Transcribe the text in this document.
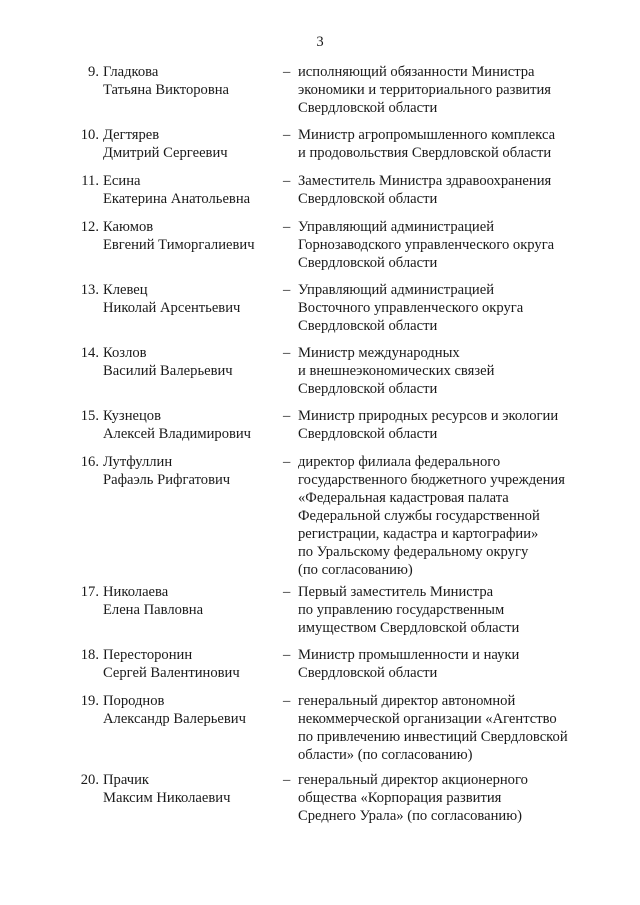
3
9. Гладкова
Татьяна Викторовна
– исполняющий обязанности Министра
экономики и территориального развития
Свердловской области
10. Дегтярев
Дмитрий Сергеевич
– Министр агропромышленного комплекса
и продовольствия Свердловской области
11. Есина
Екатерина Анатольевна
– Заместитель Министра здравоохранения
Свердловской области
12. Каюмов
Евгений Тиморгалиевич
– Управляющий администрацией
Горнозаводского управленческого округа
Свердловской области
13. Клевец
Николай Арсентьевич
– Управляющий администрацией
Восточного управленческого округа
Свердловской области
14. Козлов
Василий Валерьевич
– Министр международных
и внешнеэкономических связей
Свердловской области
15. Кузнецов
Алексей Владимирович
– Министр природных ресурсов и экологии
Свердловской области
16. Лутфуллин
Рафаэль Рифгатович
– директор филиала федерального
государственного бюджетного учреждения
«Федеральная кадастровая палата
Федеральной службы государственной
регистрации, кадастра и картографии»
по Уральскому федеральному округу
(по согласованию)
17. Николаева
Елена Павловна
– Первый заместитель Министра
по управлению государственным
имуществом Свердловской области
18. Пересторонин
Сергей Валентинович
– Министр промышленности и науки
Свердловской области
19. Породнов
Александр Валерьевич
– генеральный директор автономной
некоммерческой организации «Агентство
по привлечению инвестиций Свердловской
области» (по согласованию)
20. Прачик
Максим Николаевич
– генеральный директор акционерного
общества «Корпорация развития
Среднего Урала» (по согласованию)
